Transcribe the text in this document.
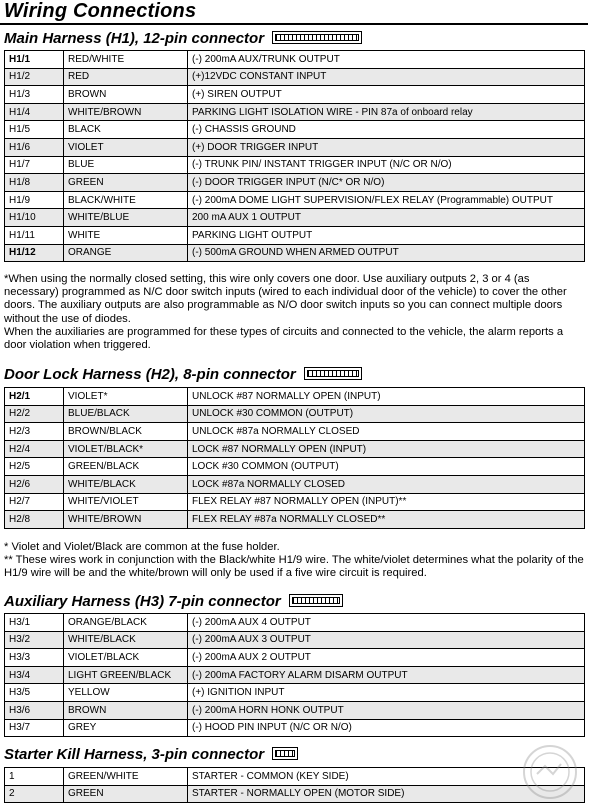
Wiring Connections
Main Harness (H1), 12-pin connector
H1/1	RED/WHITE	(-) 200mA AUX/TRUNK OUTPUT
H1/2	RED	(+)12VDC CONSTANT INPUT
H1/3	BROWN	(+) SIREN OUTPUT
H1/4	WHITE/BROWN	PARKING LIGHT ISOLATION WIRE - PIN 87a of onboard relay
H1/5	BLACK	(-) CHASSIS GROUND
H1/6	VIOLET	(+) DOOR TRIGGER INPUT
H1/7	BLUE	(-) TRUNK PIN/ INSTANT TRIGGER INPUT (N/C OR N/O)
H1/8	GREEN	(-) DOOR TRIGGER INPUT (N/C* OR N/O)
H1/9	BLACK/WHITE	(-) 200mA DOME LIGHT SUPERVISION/FLEX RELAY (Programmable) OUTPUT
H1/10	WHITE/BLUE	200 mA AUX 1 OUTPUT
H1/11	WHITE	PARKING LIGHT OUTPUT
H1/12	ORANGE	(-) 500mA GROUND WHEN ARMED OUTPUT

*When using the normally closed setting, this wire only covers one door. Use auxiliary outputs 2, 3 or 4 (as necessary) programmed as N/C door switch inputs (wired to each individual door of the vehicle) to cover the other doors. The auxiliary outputs are also programmable as N/O door switch inputs so you can connect multiple doors without the use of diodes.

When the auxiliaries are programmed for these types of circuits and connected to the vehicle, the alarm reports a door violation when triggered.

Door Lock Harness (H2), 8-pin connector
H2/1	VIOLET*	UNLOCK #87 NORMALLY OPEN (INPUT)
H2/2	BLUE/BLACK	UNLOCK #30 COMMON (OUTPUT)
H2/3	BROWN/BLACK	UNLOCK #87a NORMALLY CLOSED
H2/4	VIOLET/BLACK*	LOCK #87 NORMALLY OPEN (INPUT)
H2/5	GREEN/BLACK	LOCK #30 COMMON (OUTPUT)
H2/6	WHITE/BLACK	LOCK #87a NORMALLY CLOSED
H2/7	WHITE/VIOLET	FLEX RELAY #87 NORMALLY OPEN (INPUT)**
H2/8	WHITE/BROWN	FLEX RELAY #87a NORMALLY CLOSED**

* Violet and Violet/Black are common at the fuse holder.

** These wires work in conjunction with the Black/white H1/9 wire. The white/violet determines what the polarity of the H1/9 wire will be and the white/brown will only be used if a five wire circuit is required.

Auxiliary Harness (H3) 7-pin connector
H3/1	ORANGE/BLACK	(-) 200mA AUX 4 OUTPUT
H3/2	WHITE/BLACK	(-) 200mA AUX 3 OUTPUT
H3/3	VIOLET/BLACK	(-) 200mA AUX 2 OUTPUT
H3/4	LIGHT GREEN/BLACK	(-) 200mA FACTORY ALARM DISARM OUTPUT
H3/5	YELLOW	(+) IGNITION INPUT
H3/6	BROWN	(-) 200mA HORN HONK OUTPUT
H3/7	GREY	(-) HOOD PIN INPUT (N/C OR N/O)
Starter Kill Harness, 3-pin connector
1	GREEN/WHITE	STARTER - COMMON (KEY SIDE)
2	GREEN	STARTER - NORMALLY OPEN (MOTOR SIDE)
